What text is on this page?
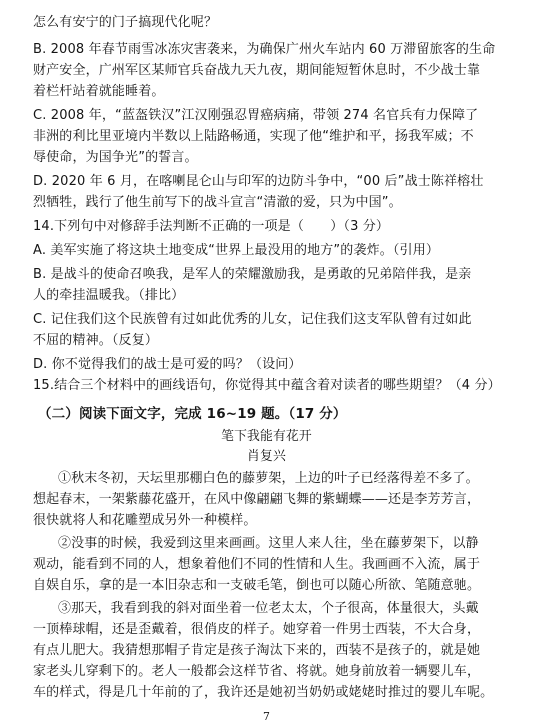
怎么有安宁的门子搞现代化呢？
B. 2008 年春节雨雪冰冻灾害袭来，为确保广州火车站内 60 万滞留旅客的生命
财产安全，广州军区某师官兵奋战九天九夜，期间能短暂休息时，不少战士靠
着栏杆站着就能睡着。
C. 2008 年，“蓝盔铁汉”江汉刚强忍胃癌病痛，带领 274 名官兵有力保障了
非洲的利比里亚境内半数以上陆路畅通，实现了他“维护和平，扬我军威；不
辱使命，为国争光”的誓言。
D. 2020 年 6 月，在喀喇昆仑山与印军的边防斗争中，“00 后”战士陈祥榕壮
烈牺牲，践行了他生前写下的战斗宣言“清澈的爱，只为中国”。
14.下列句中对修辞手法判断不正确的一项是（　　）（3 分）
A. 美军实施了将这块土地变成“世界上最没用的地方”的袭炸。（引用）
B. 是战斗的使命召唤我，是军人的荣耀激励我，是勇敢的兄弟陪伴我，是亲
人的牵挂温暖我。（排比）
C. 记住我们这个民族曾有过如此优秀的儿女，记住我们这支军队曾有过如此
不屈的精神。（反复）
D. 你不觉得我们的战士是可爱的吗？（设问）
15.结合三个材料中的画线语句，你觉得其中蕴含着对读者的哪些期望？（4 分）
（二）阅读下面文字，完成 16~19 题。（17 分）
笔下我能有花开
肖复兴
①秋末冬初，天坛里那棚白色的藤萝架，上边的叶子已经落得差不多了。
想起春末，一架紫藤花盛开，在风中像翩翩飞舞的紫蝴蝶——还是李芳芳言，
很快就将人和花雕塑成另外一种模样。
②没事的时候，我爱到这里来画画。这里人来人往，坐在藤萝架下，以静
观动，能看到不同的人，想象着他们不同的性情和人生。我画画不入流，属于
自娱自乐，拿的是一本旧杂志和一支破毛笔，倒也可以随心所欲、笔随意驰。
③那天，我看到我的斜对面坐着一位老太太，个子很高，体量很大，头戴
一顶棒球帽，还是歪戴着，很俏皮的样子。她穿着一件男士西装，不大合身，
有点儿肥大。我猜想那帽子肯定是孩子淘汰下来的，西装不是孩子的，就是她
家老头儿穿剩下的。老人一般都会这样节省、将就。她身前放着一辆婴儿车，
车的样式，得是几十年前的了，我许还是她初当奶奶或姥姥时推过的婴儿车呢。
7
